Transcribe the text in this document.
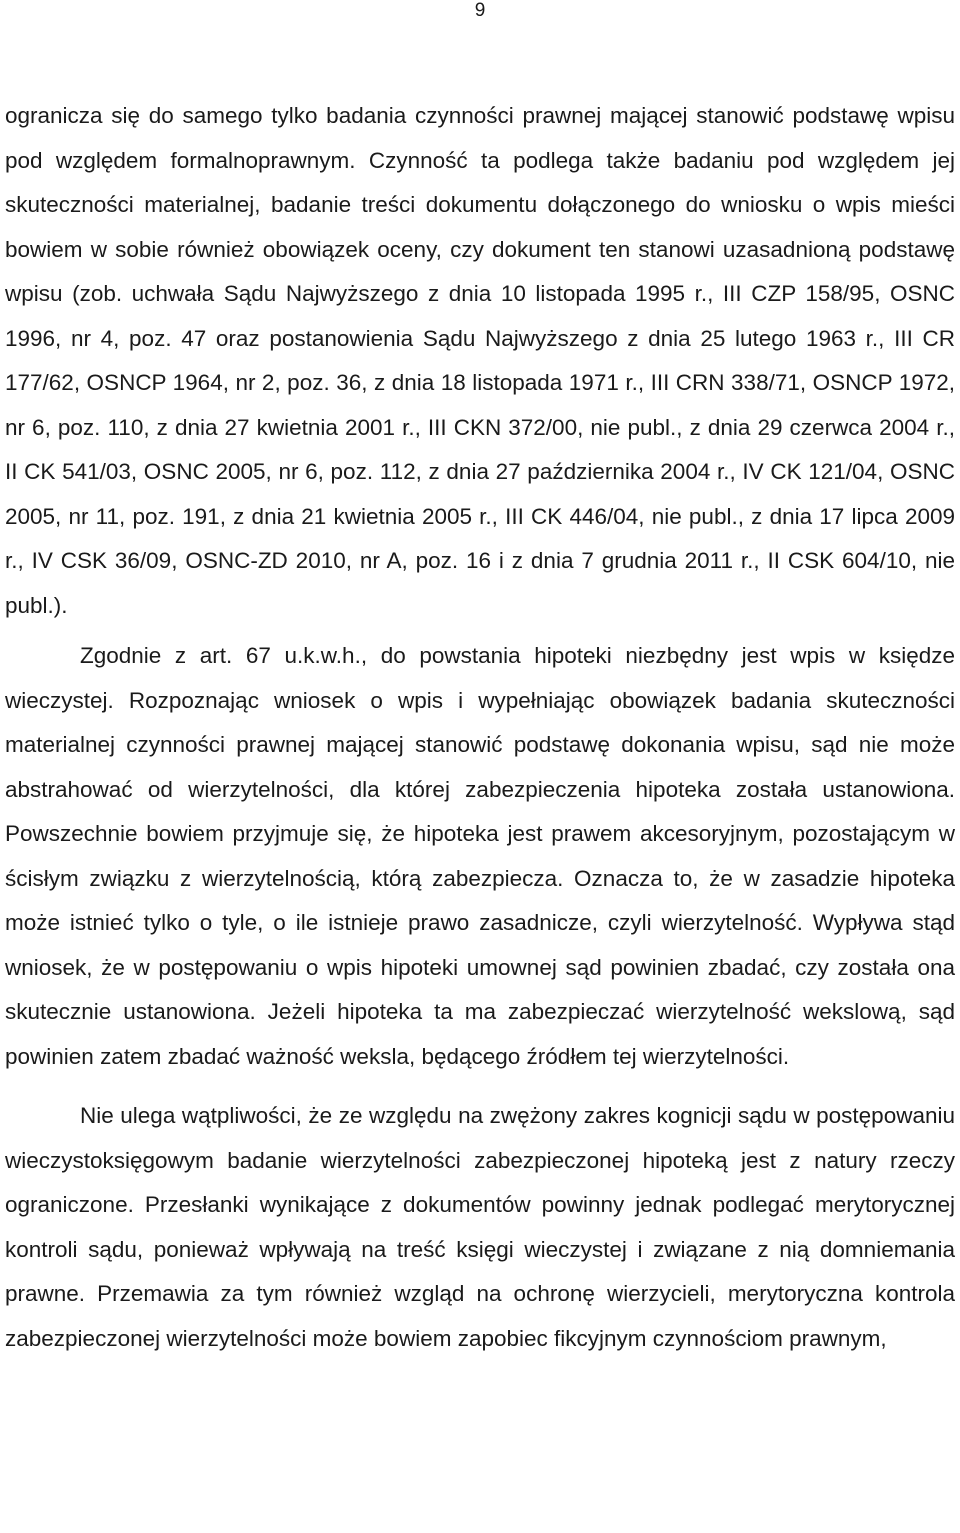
9

ogranicza się do samego tylko badania czynności prawnej mającej stanowić podstawę wpisu pod względem formalnoprawnym. Czynność ta podlega także badaniu pod względem jej skuteczności materialnej, badanie treści dokumentu dołączonego do wniosku o wpis mieści bowiem w sobie również obowiązek oceny, czy dokument ten stanowi uzasadnioną podstawę wpisu (zob. uchwała Sądu Najwyższego z dnia 10 listopada 1995 r., III CZP 158/95, OSNC 1996, nr 4, poz. 47 oraz postanowienia Sądu Najwyższego z dnia 25 lutego 1963 r., III CR 177/62, OSNCP 1964, nr 2, poz. 36, z dnia 18 listopada 1971 r., III CRN 338/71, OSNCP 1972, nr 6, poz. 110, z dnia 27 kwietnia 2001 r., III CKN 372/00, nie publ., z dnia 29 czerwca 2004 r., II CK 541/03, OSNC 2005, nr 6, poz. 112, z dnia 27 października 2004 r., IV CK 121/04, OSNC 2005, nr 11, poz. 191, z dnia 21 kwietnia 2005 r., III CK 446/04, nie publ., z dnia 17 lipca 2009 r., IV CSK 36/09, OSNC-ZD 2010, nr A, poz. 16 i z dnia 7 grudnia 2011 r., II CSK 604/10, nie publ.).

Zgodnie z art. 67 u.k.w.h., do powstania hipoteki niezbędny jest wpis w księdze wieczystej. Rozpoznając wniosek o wpis i wypełniając obowiązek badania skuteczności materialnej czynności prawnej mającej stanowić podstawę dokonania wpisu, sąd nie może abstrahować od wierzytelności, dla której zabezpieczenia hipoteka została ustanowiona. Powszechnie bowiem przyjmuje się, że hipoteka jest prawem akcesoryjnym, pozostającym w ścisłym związku z wierzytelnością, którą zabezpiecza. Oznacza to, że w zasadzie hipoteka może istnieć tylko o tyle, o ile istnieje prawo zasadnicze, czyli wierzytelność. Wypływa stąd wniosek, że w postępowaniu o wpis hipoteki umownej sąd powinien zbadać, czy została ona skutecznie ustanowiona. Jeżeli hipoteka ta ma zabezpieczać wierzytelność wekslową, sąd powinien zatem zbadać ważność weksla, będącego źródłem tej wierzytelności.

Nie ulega wątpliwości, że ze względu na zwężony zakres kognicji sądu w postępowaniu wieczystoksięgowym badanie wierzytelności zabezpieczonej hipoteką jest z natury rzeczy ograniczone. Przesłanki wynikające z dokumentów powinny jednak podlegać merytorycznej kontroli sądu, ponieważ wpływają na treść księgi wieczystej i związane z nią domniemania prawne. Przemawia za tym również wzgląd na ochronę wierzycieli, merytoryczna kontrola zabezpieczonej wierzytelności może bowiem zapobiec fikcyjnym czynnościom prawnym,
